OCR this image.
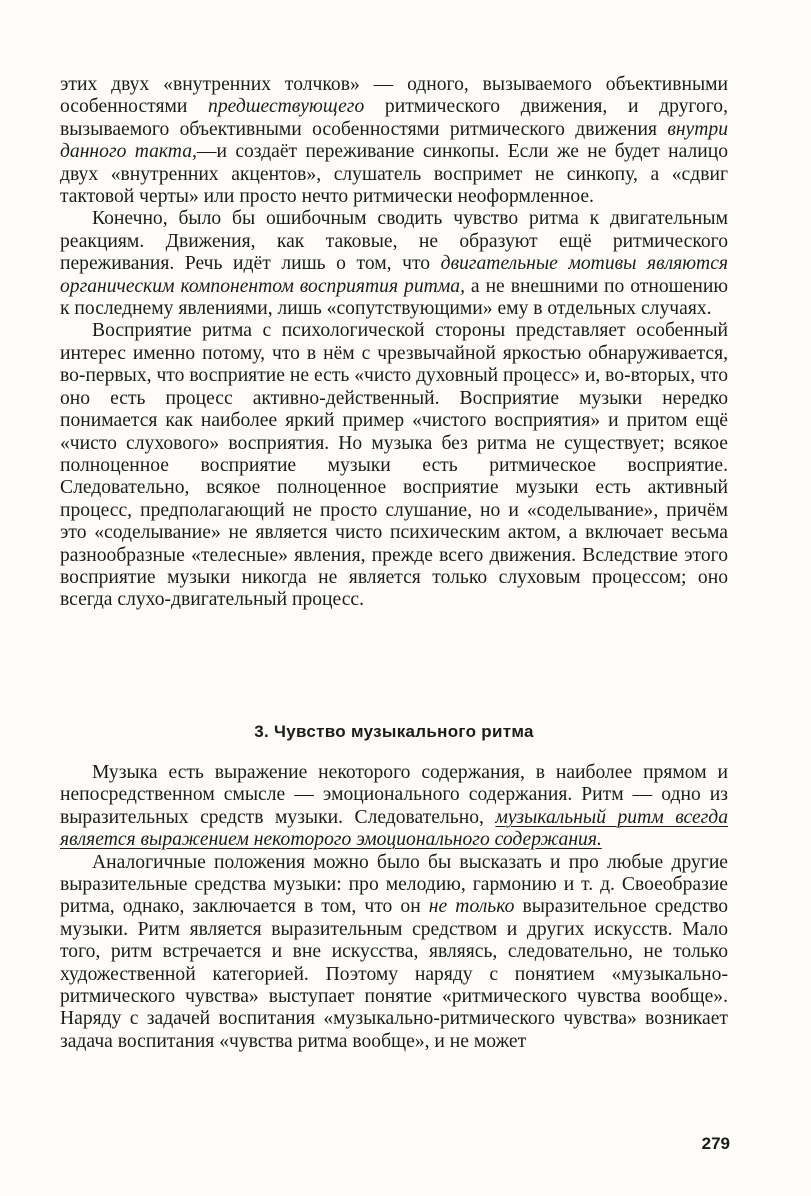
этих двух «внутренних толчков» — одного, вызываемого объективными особенностями предшествующего ритмического движения, и другого, вызываемого объективными особенностями ритмического движения внутри данного такта,—и создаёт переживание синкопы. Если же не будет налицо двух «внутренних акцентов», слушатель воспримет не синкопу, а «сдвиг тактовой черты» или просто нечто ритмически неоформленное.

Конечно, было бы ошибочным сводить чувство ритма к двигательным реакциям. Движения, как таковые, не образуют ещё ритмического переживания. Речь идёт лишь о том, что двигательные мотивы являются органическим компонентом восприятия ритма, а не внешними по отношению к последнему явлениями, лишь «сопутствующими» ему в отдельных случаях.

Восприятие ритма с психологической стороны представляет особенный интерес именно потому, что в нём с чрезвычайной яркостью обнаруживается, во-первых, что восприятие не есть «чисто духовный процесс» и, во-вторых, что оно есть процесс активно-действенный. Восприятие музыки нередко понимается как наиболее яркий пример «чистого восприятия» и притом ещё «чисто слухового» восприятия. Но музыка без ритма не существует; всякое полноценное восприятие музыки есть ритмическое восприятие. Следовательно, всякое полноценное восприятие музыки есть активный процесс, предполагающий не просто слушание, но и «соделывание», причём это «соделывание» не является чисто психическим актом, а включает весьма разнообразные «телесные» явления, прежде всего движения. Вследствие этого восприятие музыки никогда не является только слуховым процессом; оно всегда слухо-двигательный процесс.

3. Чувство музыкального ритма

Музыка есть выражение некоторого содержания, в наиболее прямом и непосредственном смысле — эмоционального содержания. Ритм — одно из выразительных средств музыки. Следовательно, музыкальный ритм всегда является выражением некоторого эмоционального содержания.

Аналогичные положения можно было бы высказать и про любые другие выразительные средства музыки: про мелодию, гармонию и т. д. Своеобразие ритма, однако, заключается в том, что он не только выразительное средство музыки. Ритм является выразительным средством и других искусств. Мало того, ритм встречается и вне искусства, являясь, следовательно, не только художественной категорией. Поэтому наряду с понятием «музыкально-ритмического чувства» выступает понятие «ритмического чувства вообще». Наряду с задачей воспитания «музыкально-ритмического чувства» возникает задача воспитания «чувства ритма вообще», и не может

279
